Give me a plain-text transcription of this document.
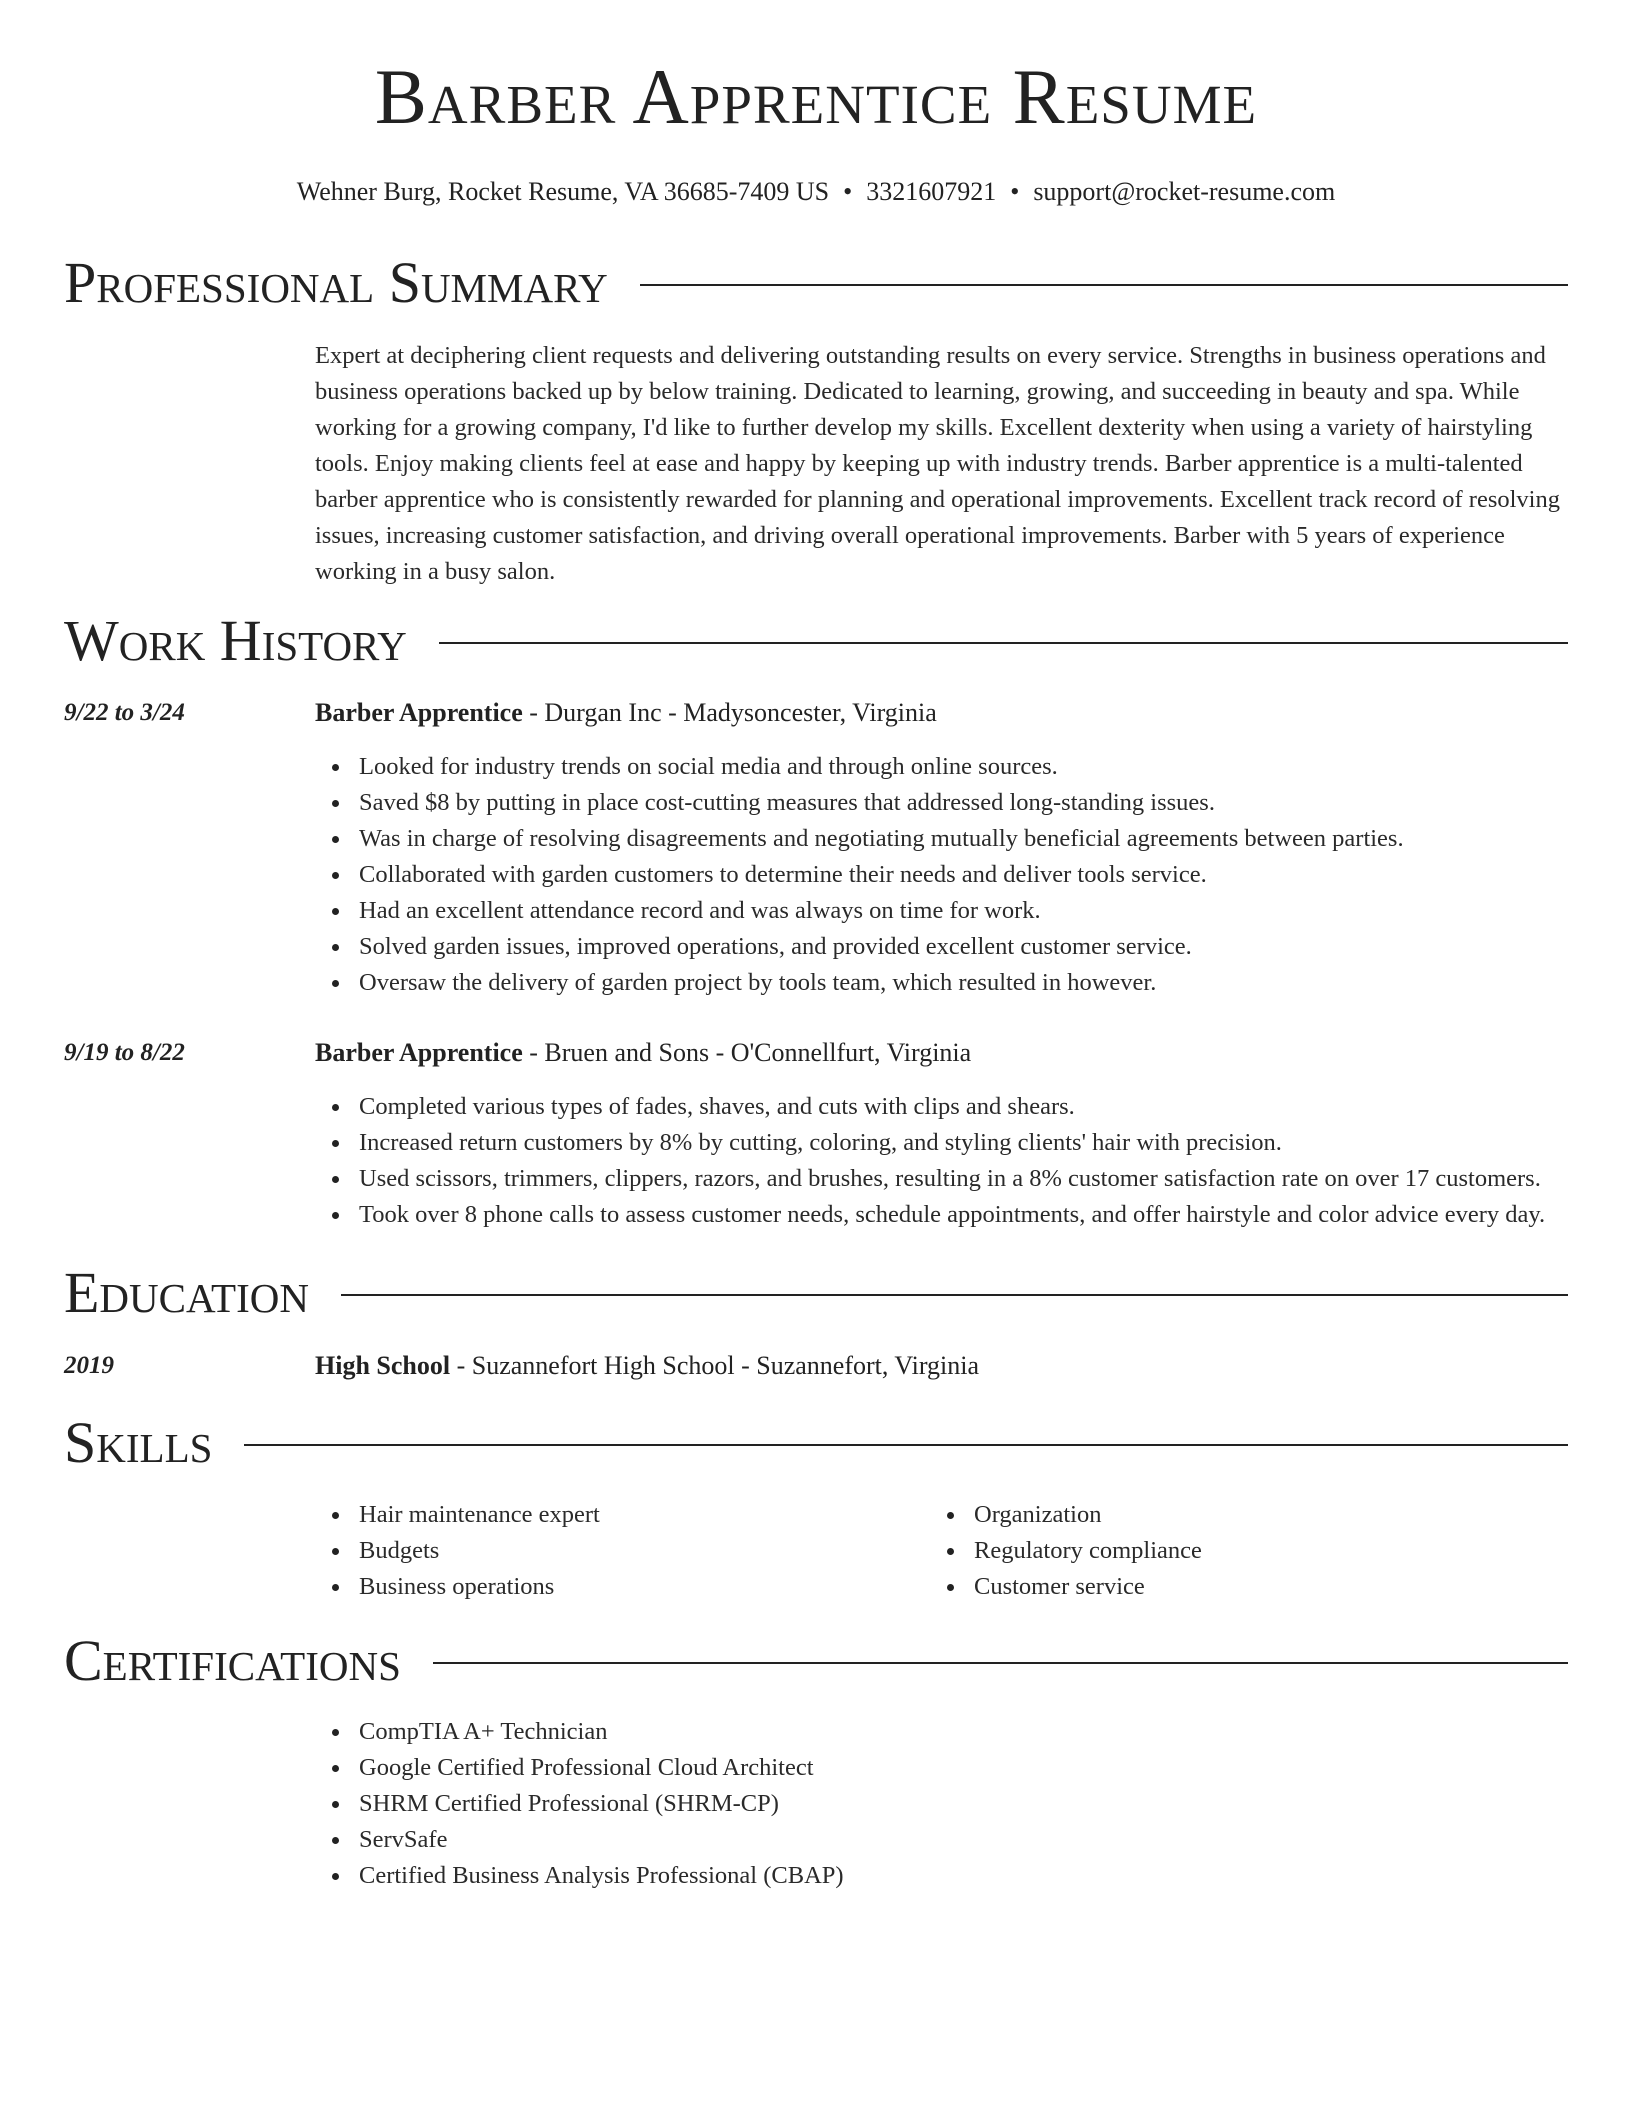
Barber Apprentice Resume
Wehner Burg, Rocket Resume, VA 36685-7409 US • 3321607921 • support@rocket-resume.com
Professional Summary

Expert at deciphering client requests and delivering outstanding results on every service. Strengths in business operations and business operations backed up by below training. Dedicated to learning, growing, and succeeding in beauty and spa. While working for a growing company, I'd like to further develop my skills. Excellent dexterity when using a variety of hairstyling tools. Enjoy making clients feel at ease and happy by keeping up with industry trends. Barber apprentice is a multi-talented barber apprentice who is consistently rewarded for planning and operational improvements. Excellent track record of resolving issues, increasing customer satisfaction, and driving overall operational improvements. Barber with 5 years of experience working in a busy salon.

Work History
9/22 to 3/24	Barber Apprentice - Durgan Inc - Madysoncester, Virginia
Looked for industry trends on social media and through online sources.
Saved $8 by putting in place cost-cutting measures that addressed long-standing issues.
Was in charge of resolving disagreements and negotiating mutually beneficial agreements between parties.
Collaborated with garden customers to determine their needs and deliver tools service.
Had an excellent attendance record and was always on time for work.
Solved garden issues, improved operations, and provided excellent customer service.
Oversaw the delivery of garden project by tools team, which resulted in however.
9/19 to 8/22	Barber Apprentice - Bruen and Sons - O'Connellfurt, Virginia
Completed various types of fades, shaves, and cuts with clips and shears.
Increased return customers by 8% by cutting, coloring, and styling clients' hair with precision.
Used scissors, trimmers, clippers, razors, and brushes, resulting in a 8% customer satisfaction rate on over 17 customers.
Took over 8 phone calls to assess customer needs, schedule appointments, and offer hairstyle and color advice every day.
Education
2019	High School - Suzannefort High School - Suzannefort, Virginia
Skills
Hair maintenance expert
Budgets
Business operations
Organization
Regulatory compliance
Customer service
Certifications
CompTIA A+ Technician
Google Certified Professional Cloud Architect
SHRM Certified Professional (SHRM-CP)
ServSafe
Certified Business Analysis Professional (CBAP)
